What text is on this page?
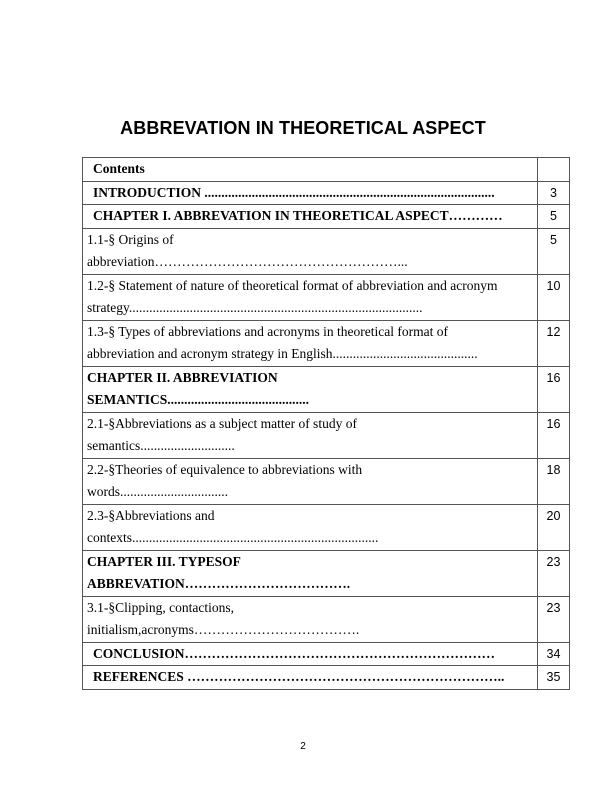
ABBREVATION IN THEORETICAL ASPECT
Contents	

INTRODUCTION ......................................................................................	3

CHAPTER I. ABBREVATION IN THEORETICAL ASPECT…………	5

1.1-§ Origins of
abbreviation………………………………………………...	5

1.2-§ Statement of nature of theoretical format of abbreviation and acronym
strategy.......................................................................................	10

1.3-§ Types of abbreviations and acronyms in theoretical format of
abbreviation and acronym strategy in English...........................................	12

CHAPTER II. ABBREVIATION
SEMANTICS..........................................	16

2.1-§Abbreviations as a subject matter of study of
semantics............................	16

2.2-§Theories of equivalence to abbreviations with
words................................	18

2.3-§Abbreviations and
contexts.........................................................................	20

CHAPTER III. TYPESOF
ABBREVATION……………………………….	23

3.1-§Clipping, contactions,
initialism,acronyms……………………………….	23

CONCLUSION……………………………………………………………	34

REFERENCES ……………………………………………………………..	35
2
